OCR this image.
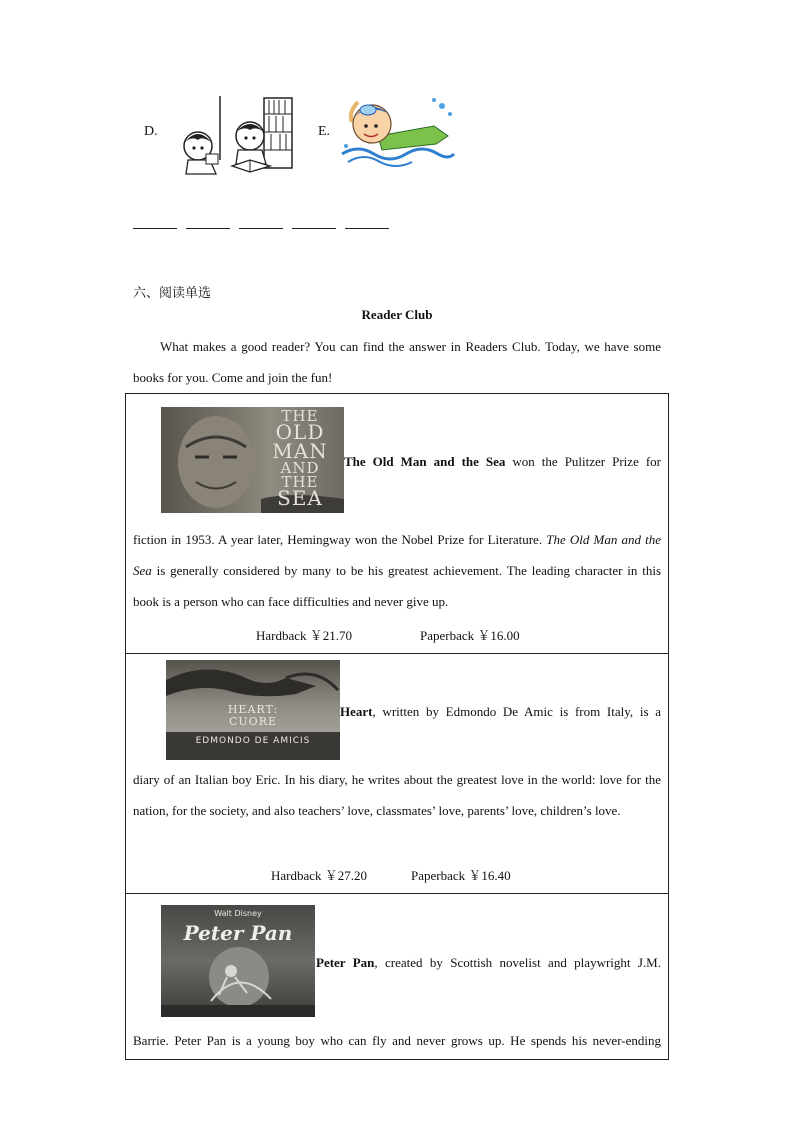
D.	E.
六、阅读单选
Reader Club
What makes a good reader? You can find the answer in Readers Club. Today, we have some books for you. Come and join the fun!
THE
OLD
MAN
AND
THE
SEA
The Old Man and the Sea won the Pulitzer Prize for
fiction in 1953. A year later, Hemingway won the Nobel Prize for Literature. The Old Man and the Sea is generally considered by many to be his greatest achievement. The leading character in this book is a person who can face difficulties and never give up.
Hardback ￥21.70	Paperback ￥16.00
HEART:
CUORE
EDMONDO DE AMICIS
Heart, written by Edmondo De Amic is from Italy, is a
diary of an Italian boy Eric. In his diary, he writes about the greatest love in the world: love for the nation, for the society, and also teachers’ love, classmates’ love, parents’ love, children’s love.
Hardback ￥27.20	Paperback ￥16.40
Walt Disney
Peter Pan
Peter Pan, created by Scottish novelist and playwright J.M.
Barrie. Peter Pan is a young boy who can fly and never grows up. He spends his never-ending
